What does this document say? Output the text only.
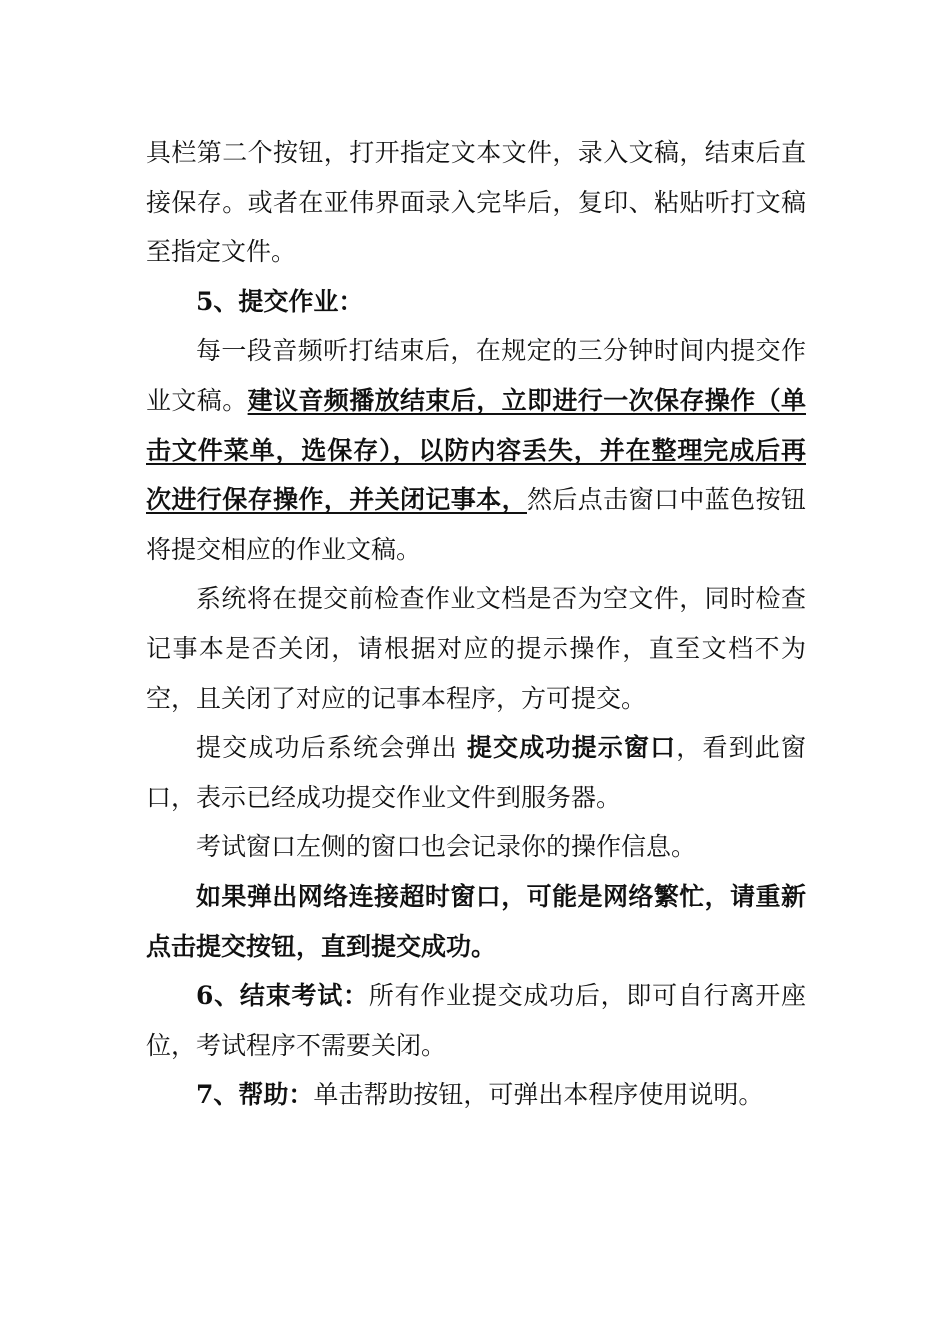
具栏第二个按钮，打开指定文本文件，录入文稿，结束后直接保存。或者在亚伟界面录入完毕后，复印、粘贴听打文稿至指定文件。

5、提交作业：

每一段音频听打结束后，在规定的三分钟时间内提交作业文稿。建议音频播放结束后，立即进行一次保存操作（单击文件菜单，选保存），以防内容丢失，并在整理完成后再次进行保存操作，并关闭记事本，然后点击窗口中蓝色按钮将提交相应的作业文稿。

系统将在提交前检查作业文档是否为空文件，同时检查记事本是否关闭，请根据对应的提示操作，直至文档不为空，且关闭了对应的记事本程序，方可提交。

提交成功后系统会弹出 提交成功提示窗口，看到此窗口，表示已经成功提交作业文件到服务器。

考试窗口左侧的窗口也会记录你的操作信息。

如果弹出网络连接超时窗口，可能是网络繁忙，请重新点击提交按钮，直到提交成功。

6、结束考试：所有作业提交成功后，即可自行离开座位，考试程序不需要关闭。

7、帮助：单击帮助按钮，可弹出本程序使用说明。
